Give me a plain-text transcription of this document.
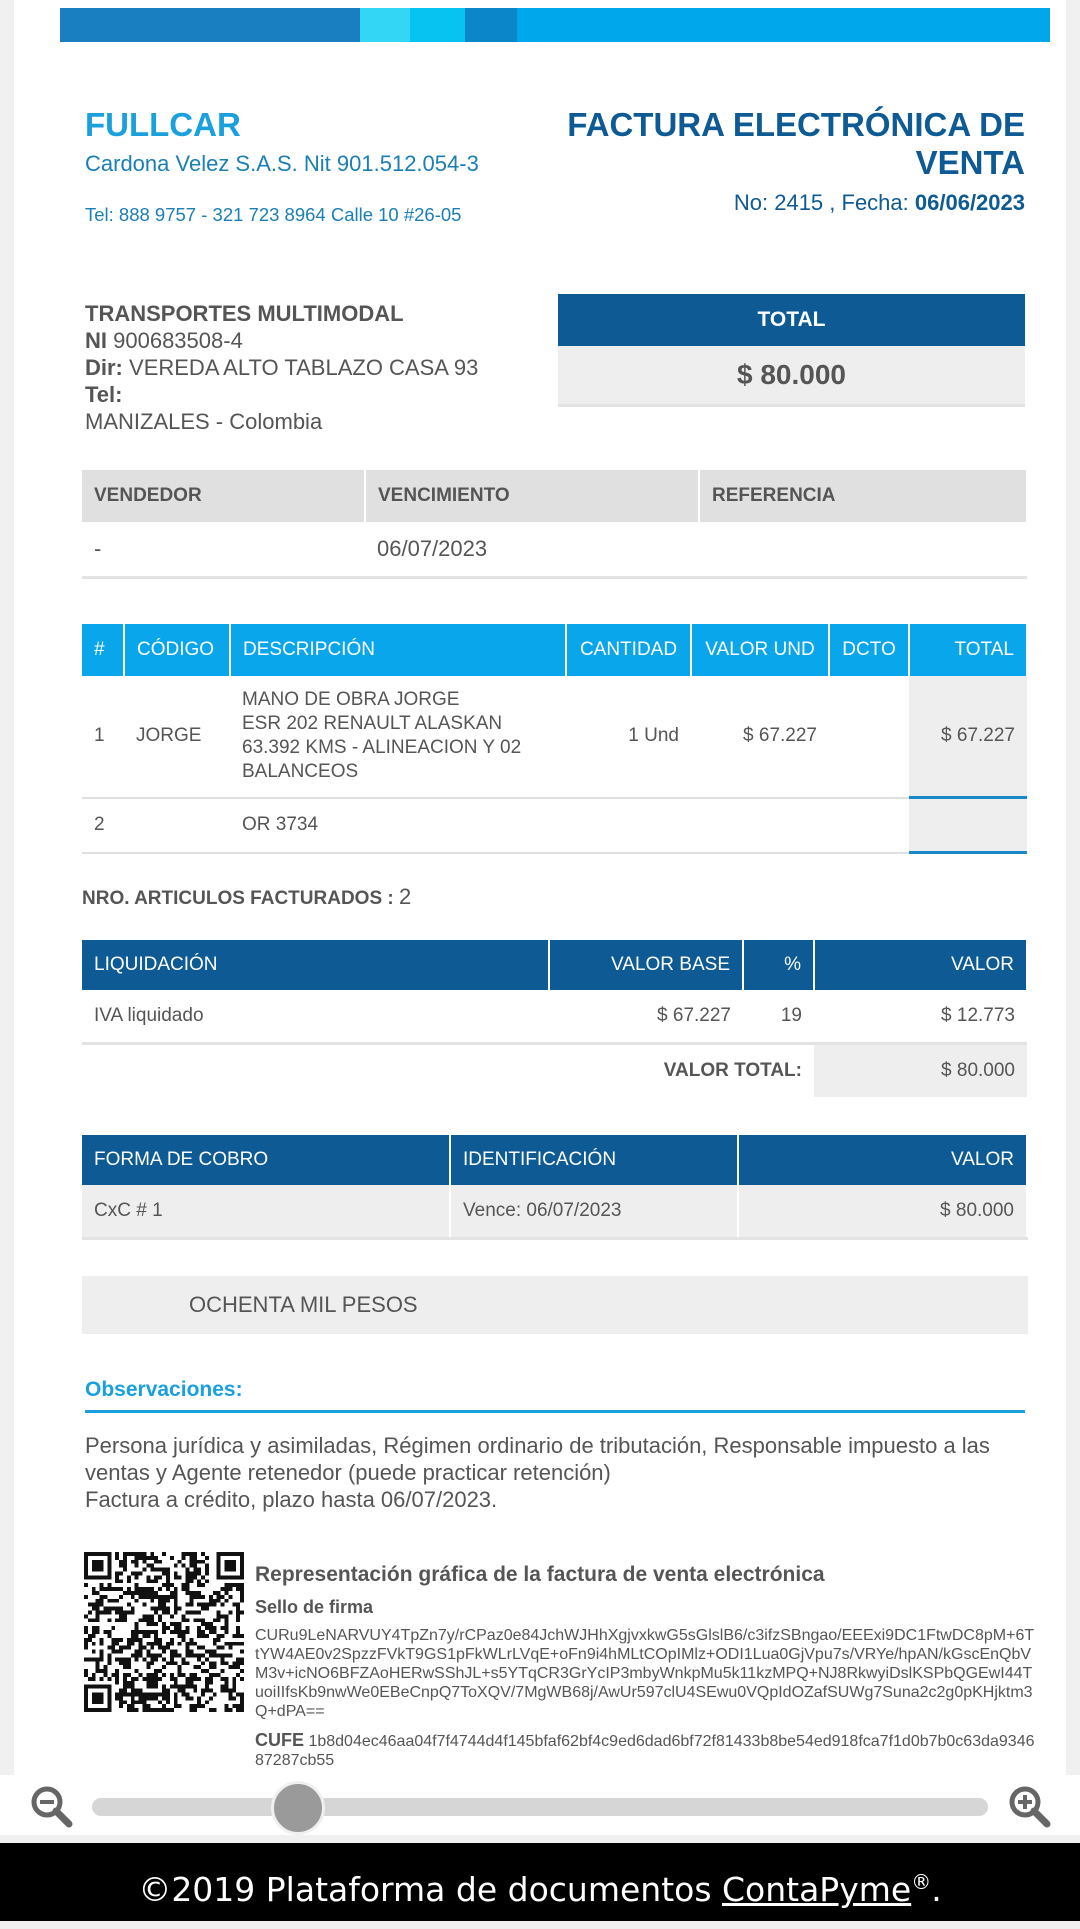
FULLCAR
Cardona Velez S.A.S. Nit 901.512.054-3
Tel: 888 9757 - 321 723 8964 Calle 10 #26-05
FACTURA ELECTRÓNICA DE VENTA
No: 2415 , Fecha: 06/06/2023
TRANSPORTES MULTIMODAL
NI 900683508-4
Dir: VEREDA ALTO TABLAZO CASA 93
Tel:
MANIZALES - Colombia
TOTAL
$ 80.000
VENDEDOR	VENCIMIENTO	REFERENCIA
-	06/07/2023	
#	CÓDIGO	DESCRIPCIÓN	CANTIDAD	VALOR UND	DCTO	TOTAL
1	JORGE	MANO DE OBRA JORGE
ESR 202 RENAULT ALASKAN
63.392 KMS - ALINEACION Y 02
BALANCEOS	1 Und	$ 67.227		$ 67.227
2		OR 3734				

NRO. ARTICULOS FACTURADOS : 2
LIQUIDACIÓN	VALOR BASE	%	VALOR
IVA liquidado	$ 67.227	19	$ 12.773
	VALOR TOTAL:		$ 80.000
FORMA DE COBRO	IDENTIFICACIÓN	VALOR
CxC # 1	Vence: 06/07/2023	$ 80.000
OCHENTA MIL PESOS
Observaciones:
Persona jurídica y asimiladas, Régimen ordinario de tributación, Responsable impuesto a las ventas y Agente retenedor (puede practicar retención)
Factura a crédito, plazo hasta 06/07/2023.
Representación gráfica de la factura de venta electrónica
Sello de firma
CURu9LeNARVUY4TpZn7y/rCPaz0e84JchWJHhXgjvxkwG5sGlslB6/c3ifzSBngao/EEExi9DC1FtwDC8pM+6TtYW4AE0v2SpzzFVkT9GS1pFkWLrLVqE+oFn9i4hMLtCOpIMlz+ODI1Lua0GjVpu7s/VRYe/hpAN/kGscEnQbVM3v+icNO6BFZAoHERwSShJL+s5YTqCR3GrYcIP3mbyWnkpMu5k11kzMPQ+NJ8RkwyiDslKSPbQGEwI44TuoiIIfsKb9nwWe0EBeCnpQ7ToXQV/7MgWB68j/AwUr597clU4SEwu0VQpIdOZafSUWg7Suna2c2g0pKHjktm3Q+dPA==
CUFE 1b8d04ec46aa04f7f4744d4f145bfaf62bf4c9ed6dad6bf72f81433b8be54ed918fca7f1d0b7b0c63da934687287cb55
©2019 Plataforma de documentos ContaPyme®.
